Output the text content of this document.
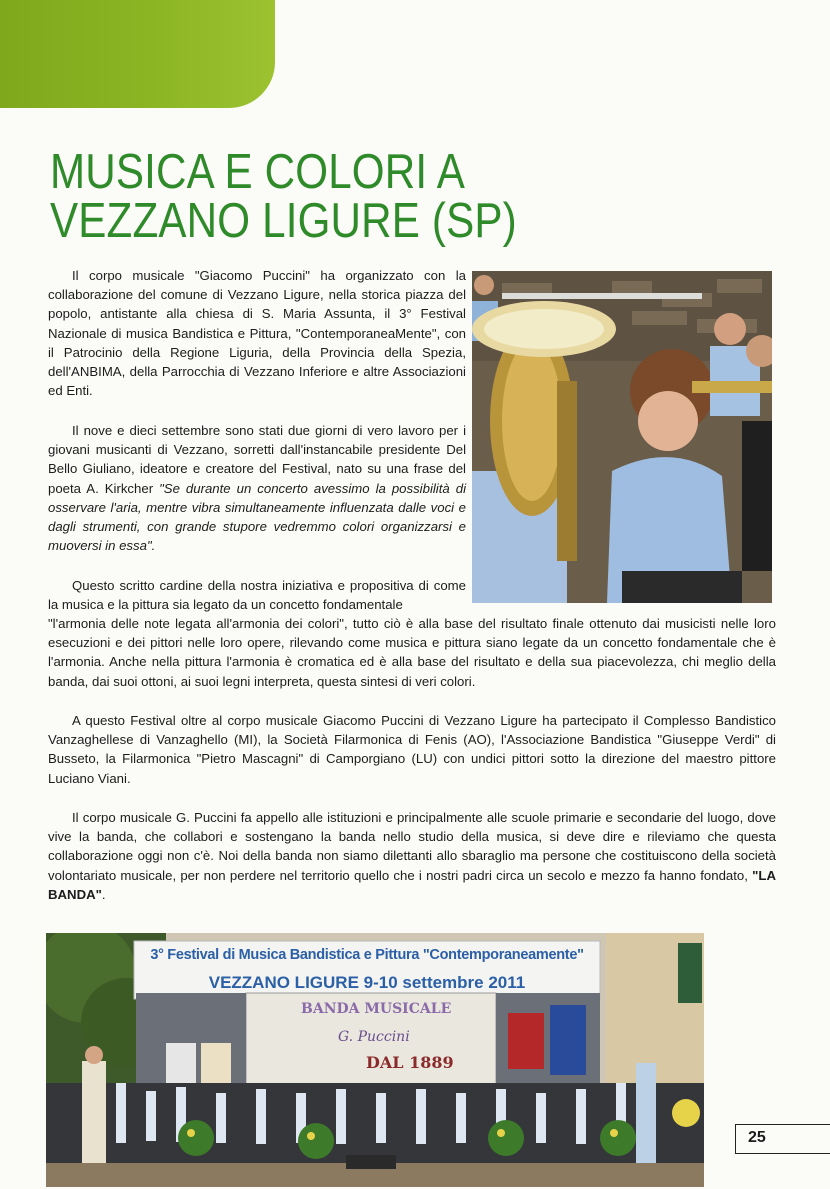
MUSICA E COLORI A VEZZANO LIGURE (SP)

Il corpo musicale "Giacomo Puccini" ha organizzato con la collaborazione del comune di Vezzano Ligure, nella storica piazza del popolo, antistante alla chiesa di S. Maria Assunta, il 3° Festival Nazionale di musica Bandistica e Pittura, "ContemporaneaMente", con il Patrocinio della Regione Liguria, della Provincia della Spezia, dell'ANBIMA, della Parrocchia di Vezzano Inferiore e altre Associazioni ed Enti.

Il nove e dieci settembre sono stati due giorni di vero lavoro per i giovani musicanti di Vezzano, sorretti dall'instancabile presidente Del Bello Giuliano, ideatore e creatore del Festival, nato su una frase del poeta A. Kirkcher "Se durante un concerto avessimo la possibilità di osservare l'aria, mentre vibra simultaneamente influenzata dalle voci e dagli strumenti, con grande stupore vedremmo colori organizzarsi e muoversi in essa".

Questo scritto cardine della nostra iniziativa e propositiva di come la musica e la pittura sia legato da un concetto fondamentale

"l'armonia delle note legata all'armonia dei colori", tutto ciò è alla base del risultato finale ottenuto dai musicisti nelle loro esecuzioni e dei pittori nelle loro opere, rilevando come musica e pittura siano legate da un concetto fondamentale che è l'armonia. Anche nella pittura l'armonia è cromatica ed è alla base del risultato e della sua piacevolezza, chi meglio della banda, dai suoi ottoni, ai suoi legni interpreta, questa sintesi di veri colori.

A questo Festival oltre al corpo musicale Giacomo Puccini di Vezzano Ligure ha partecipato il Complesso Bandistico Vanzaghellese di Vanzaghello (MI), la Società Filarmonica di Fenis (AO), l'Associazione Bandistica "Giuseppe Verdi" di Busseto, la Filarmonica "Pietro Mascagni" di Camporgiano (LU) con undici pittori sotto la direzione del maestro pittore Luciano Viani.

Il corpo musicale G. Puccini fa appello alle istituzioni e principalmente alle scuole primarie e secondarie del luogo, dove vive la banda, che collabori e sostengano la banda nello studio della musica, si deve dire e rileviamo che questa collaborazione oggi non c'è. Noi della banda non siamo dilettanti allo sbaraglio ma persone che costituiscono della società volontariato musicale, per non perdere nel territorio quello che i nostri padri circa un secolo e mezzo fa hanno fondato, "LA BANDA".

3° Festival di Musica Bandistica e Pittura "Contemporaneamente"
VEZZANO LIGURE 9-10 settembre 2011
BANDA MUSICALE
G. Puccini
DAL 1889
25
